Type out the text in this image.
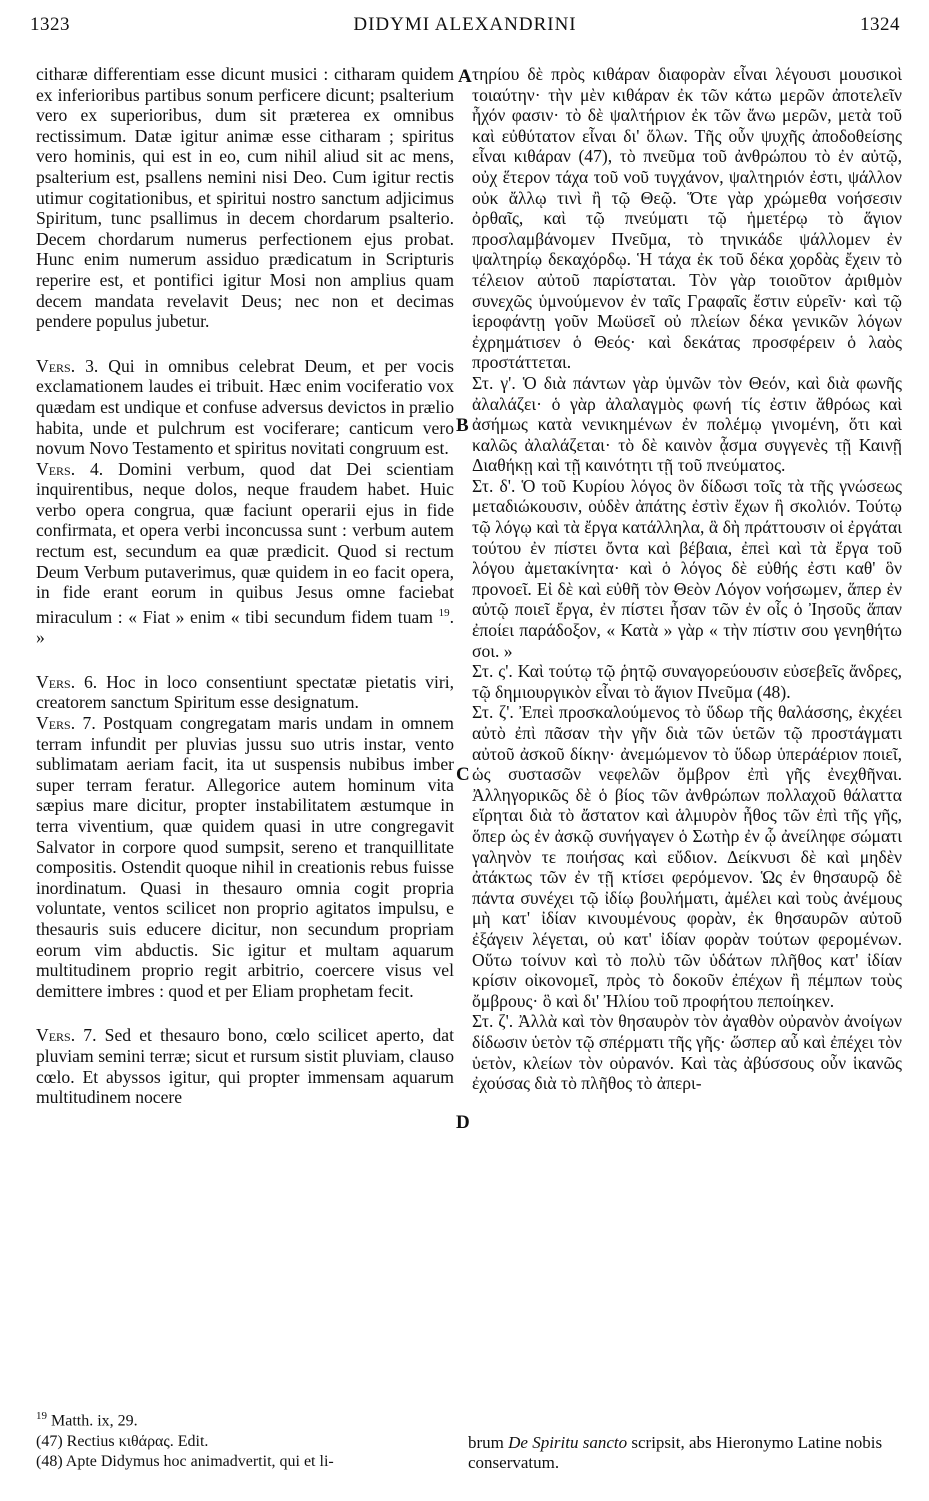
1323	DIDYMI ALEXANDRINI	1324
A
B
C
D

citharæ differentiam esse dicunt musici : citharam quidem ex inferioribus partibus sonum perficere dicunt; psalterium vero ex superioribus, dum sit præterea ex omnibus rectissimum. Datæ igitur animæ esse citharam ; spiritus vero hominis, qui est in eo, cum nihil aliud sit ac mens, psalterium est, psallens nemini nisi Deo. Cum igitur rectis utimur cogitationibus, et spiritui nostro sanctum adjicimus Spiritum, tunc psallimus in decem chordarum psalterio. Decem chordarum numerus perfectionem ejus probat. Hunc enim numerum assiduo prædicatum in Scripturis reperire est, et pontifici igitur Mosi non amplius quam decem mandata revelavit Deus; nec non et decimas pendere populus jubetur.

Vers. 3. Qui in omnibus celebrat Deum, et per vocis exclamationem laudes ei tribuit. Hæc enim vociferatio vox quædam est undique et confuse adversus devictos in prælio habita, unde et pulchrum est vociferare; canticum vero novum Novo Testamento et spiritus novitati congruum est.

Vers. 4. Domini verbum, quod dat Dei scientiam inquirentibus, neque dolos, neque fraudem habet. Huic verbo opera congrua, quæ faciunt operarii ejus in fide confirmata, et opera verbi inconcussa sunt : verbum autem rectum est, secundum ea quæ prædicit. Quod si rectum Deum Verbum putaverimus, quæ quidem in eo facit opera, in fide erant eorum in quibus Jesus omne faciebat miraculum : « Fiat » enim « tibi secundum fidem tuam $^{19}$. »

Vers. 6. Hoc in loco consentiunt spectatæ pietatis viri, creatorem sanctum Spiritum esse designatum.

Vers. 7. Postquam congregatam maris undam in omnem terram infundit per pluvias jussu suo utris instar, vento sublimatam aeriam facit, ita ut suspensis nubibus imber super terram feratur. Allegorice autem hominum vita sæpius mare dicitur, propter instabilitatem æstumque in terra viventium, quæ quidem quasi in utre congregavit Salvator in corpore quod sumpsit, sereno et tranquillitate compositis. Ostendit quoque nihil in creationis rebus fuisse inordinatum. Quasi in thesauro omnia cogit propria voluntate, ventos scilicet non proprio agitatos impulsu, e thesauris suis educere dicitur, non secundum propriam eorum vim abductis. Sic igitur et multam aquarum multitudinem proprio regit arbitrio, coercere visus vel demittere imbres : quod et per Eliam prophetam fecit.

Vers. 7. Sed et thesauro bono, cœlo scilicet aperto, dat pluviam semini terræ; sicut et rursum sistit pluviam, clauso cœlo. Et abyssos igitur, qui propter immensam aquarum multitudinem nocere

τηρίου δὲ πρὸς κιθάραν διαφορὰν εἶναι λέγουσι μουσικοὶ τοιαύτην· τὴν μὲν κιθάραν ἐκ τῶν κάτω μερῶν ἀποτελεῖν ἦχόν φασιν· τὸ δὲ ψαλτήριον ἐκ τῶν ἄνω μερῶν, μετὰ τοῦ καὶ εὐθύτατον εἶναι δι' ὅλων. Τῆς οὖν ψυχῆς ἀποδοθείσης εἶναι κιθάραν (47), τὸ πνεῦμα τοῦ ἀνθρώπου τὸ ἐν αὐτῷ, οὐχ ἕτερον τάχα τοῦ νοῦ τυγχάνον, ψαλτηριόν ἐστι, ψάλλον οὐκ ἄλλῳ τινὶ ἢ τῷ Θεῷ. Ὅτε γὰρ χρώμεθα νοήσεσιν ὀρθαῖς, καὶ τῷ πνεύματι τῷ ἡμετέρῳ τὸ ἅγιον προσλαμβάνομεν Πνεῦμα, τὸ τηνικάδε ψάλλομεν ἐν ψαλτηρίῳ δεκαχόρδῳ. Ἡ τάχα ἐκ τοῦ δέκα χορδὰς ἔχειν τὸ τέλειον αὐτοῦ παρίσταται. Τὸν γὰρ τοιοῦτον ἀριθμὸν συνεχῶς ὑμνούμενον ἐν ταῖς Γραφαῖς ἔστιν εὑρεῖν· καὶ τῷ ἱεροφάντῃ γοῦν Μωϋσεῖ οὐ πλείων δέκα γενικῶν λόγων ἐχρημάτισεν ὁ Θεός· καὶ δεκάτας προσφέρειν ὁ λαὸς προστάττεται.

Στ. γ'. Ὁ διὰ πάντων γὰρ ὑμνῶν τὸν Θεόν, καὶ διὰ φωνῆς ἀλαλάζει· ὁ γὰρ ἀλαλαγμὸς φωνή τίς ἐστιν ἄθρόως καὶ ἀσήμως κατὰ νενικημένων ἐν πολέμῳ γινομένη, ὅτι καὶ καλῶς ἀλαλάζεται· τὸ δὲ καινὸν ᾆσμα συγγενὲς τῇ Καινῇ Διαθήκῃ καὶ τῇ καινότητι τῇ τοῦ πνεύματος.

Στ. δ'. Ὁ τοῦ Κυρίου λόγος ὃν δίδωσι τοῖς τὰ τῆς γνώσεως μεταδιώκουσιν, οὐδὲν ἀπάτης ἐστὶν ἔχων ἢ σκολιόν. Τούτῳ τῷ λόγῳ καὶ τὰ ἔργα κατάλληλα, ἃ δὴ πράττουσιν οἱ ἐργάται τούτου ἐν πίστει ὄντα καὶ βέβαια, ἐπεὶ καὶ τὰ ἔργα τοῦ λόγου ἀμετακίνητα· καὶ ὁ λόγος δὲ εὐθής ἐστι καθ' ὃν προνοεῖ. Εἰ δὲ καὶ εὐθῆ τὸν Θεὸν Λόγον νοήσωμεν, ἅπερ ἐν αὐτῷ ποιεῖ ἔργα, ἐν πίστει ἦσαν τῶν ἐν οἷς ὁ Ἰησοῦς ἅπαν ἐποίει παράδοξον, « Κατὰ » γὰρ « τὴν πίστιν σου γενηθήτω σοι. »

Στ. ς'. Καὶ τούτῳ τῷ ῥητῷ συναγορεύουσιν εὐσεβεῖς ἄνδρες, τῷ δημιουργικὸν εἶναι τὸ ἅγιον Πνεῦμα (48).

Στ. ζ'. Ἐπεὶ προσκαλούμενος τὸ ὕδωρ τῆς θαλάσσης, ἐκχέει αὐτὸ ἐπὶ πᾶσαν τὴν γῆν διὰ τῶν ὑετῶν τῷ προστάγματι αὐτοῦ ἀσκοῦ δίκην· ἀνεμώμενον τὸ ὕδωρ ὑπεράέριον ποιεῖ, ὡς συστασῶν νεφελῶν ὄμβρον ἐπὶ γῆς ἐνεχθῆναι. Ἀλληγορικῶς δὲ ὁ βίος τῶν ἀνθρώπων πολλαχοῦ θάλαττα εἴρηται διὰ τὸ ἄστατον καὶ ἁλμυρὸν ἦθος τῶν ἐπὶ τῆς γῆς, ὅπερ ὡς ἐν ἀσκῷ συνήγαγεν ὁ Σωτὴρ ἐν ᾧ ἀνείληφε σώματι γαληνὸν τε ποιήσας καὶ εὔδιον. Δείκνυσι δὲ καὶ μηδὲν ἀτάκτως τῶν ἐν τῇ κτίσει φερόμενον. Ὡς ἐν θησαυρῷ δὲ πάντα συνέχει τῷ ἰδίῳ βουλήματι, ἀμέλει καὶ τοὺς ἀνέμους μὴ κατ' ἰδίαν κινουμένους φορὰν, ἐκ θησαυρῶν αὐτοῦ ἐξάγειν λέγεται, οὐ κατ' ἰδίαν φορὰν τούτων φερομένων. Οὕτω τοίνυν καὶ τὸ πολὺ τῶν ὑδάτων πλῆθος κατ' ἰδίαν κρίσιν οἰκονομεῖ, πρὸς τὸ δοκοῦν ἐπέχων ἢ πέμπων τοὺς ὄμβρους· ὃ καὶ δι' Ἠλίου τοῦ προφήτου πεποίηκεν.

Στ. ζ'. Ἀλλὰ καὶ τὸν θησαυρὸν τὸν ἀγαθὸν οὐρανὸν ἀνοίγων δίδωσιν ὑετὸν τῷ σπέρματι τῆς γῆς· ὥσπερ αὖ καὶ ἐπέχει τὸν ὑετὸν, κλείων τὸν οὐρανόν. Καὶ τὰς ἀβύσσους οὖν ἱκανῶς ἐχούσας διὰ τὸ πλῆθος τὸ ἀπερι-

$^{19}$ Matth. ix, 29.
(47) Rectius κιθάρας. Edit.
(48) Apte Didymus hoc animadvertit, qui et li-
brum De Spiritu sancto scripsit, abs Hieronymo Latine nobis conservatum.
